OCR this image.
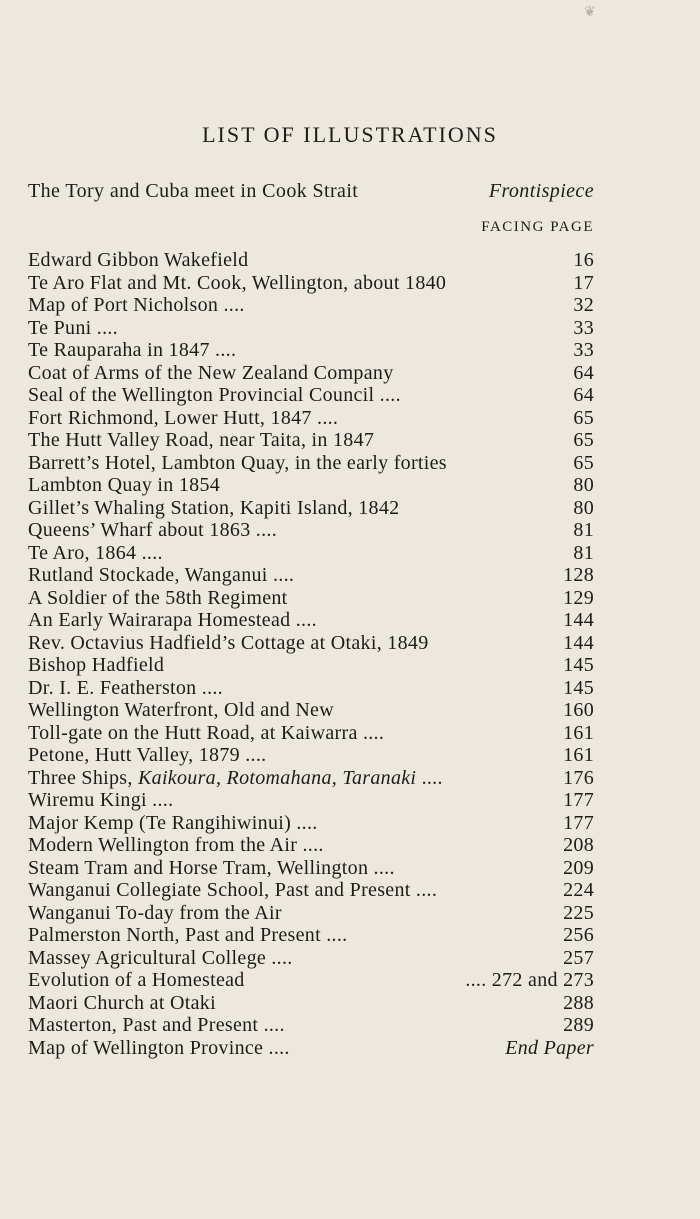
❦
LIST OF ILLUSTRATIONS
The Tory and Cuba meet in Cook Strait	Frontispiece
FACING PAGE
Edward Gibbon Wakefield	16
Te Aro Flat and Mt. Cook, Wellington, about 1840	17
Map of Port Nicholson ....	32
Te Puni ....	33
Te Rauparaha in 1847 ....	33
Coat of Arms of the New Zealand Company	64
Seal of the Wellington Provincial Council ....	64
Fort Richmond, Lower Hutt, 1847 ....	65
The Hutt Valley Road, near Taita, in 1847	65
Barrett’s Hotel, Lambton Quay, in the early forties	65
Lambton Quay in 1854	80
Gillet’s Whaling Station, Kapiti Island, 1842	80
Queens’ Wharf about 1863 ....	81
Te Aro, 1864 ....	81
Rutland Stockade, Wanganui ....	128
A Soldier of the 58th Regiment	129
An Early Wairarapa Homestead ....	144
Rev. Octavius Hadfield’s Cottage at Otaki, 1849	144
Bishop Hadfield	145
Dr. I. E. Featherston ....	145
Wellington Waterfront, Old and New	160
Toll-gate on the Hutt Road, at Kaiwarra ....	161
Petone, Hutt Valley, 1879 ....	161
Three Ships, Kaikoura, Rotomahana, Taranaki ....	176
Wiremu Kingi ....	177
Major Kemp (Te Rangihiwinui) ....	177
Modern Wellington from the Air ....	208
Steam Tram and Horse Tram, Wellington ....	209
Wanganui Collegiate School, Past and Present ....	224
Wanganui To-day from the Air	225
Palmerston North, Past and Present ....	256
Massey Agricultural College ....	257
Evolution of a Homestead	.... 272 and 273
Maori Church at Otaki	288
Masterton, Past and Present ....	289
Map of Wellington Province ....	End Paper
